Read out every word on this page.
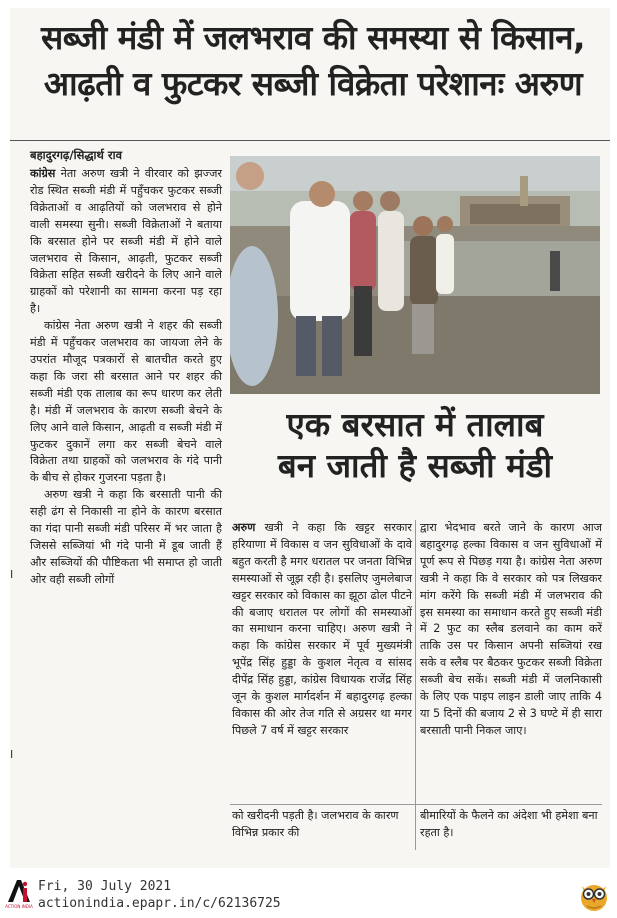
I
I
सब्जी मंडी में जलभराव की समस्या से किसान,
आढ़ती व फुटकर सब्जी विक्रेता परेशानः अरुण
बहादुरगढ़/सिद्धार्थ राव

कांग्रेस नेता अरुण खत्री ने वीरवार को झज्जर रोड स्थित सब्जी मंडी में पहुँचकर फुटकर सब्जी विक्रेताओं व आढ़तियों को जलभराव से होने वाली समस्या सुनी। सब्जी विक्रेताओं ने बताया कि बरसात होने पर सब्जी मंडी में होने वाले जलभराव से किसान, आढ़ती, फुटकर सब्जी विक्रेता सहित सब्जी खरीदने के लिए आने वाले ग्राहकों को परेशानी का सामना करना पड़ रहा है।

कांग्रेस नेता अरुण खत्री ने शहर की सब्जी मंडी में पहुँचकर जलभराव का जायजा लेने के उपरांत मौजूद पत्रकारों से बातचीत करते हुए कहा कि जरा सी बरसात आने पर शहर की सब्जी मंडी एक तालाब का रूप धारण कर लेती है। मंडी में जलभराव के कारण सब्जी बेचने के लिए आने वाले किसान, आढ़ती व सब्जी मंडी में फुटकर दुकानें लगा कर सब्जी बेचने वाले विक्रेता तथा ग्राहकों को जलभराव के गंदे पानी के बीच से होकर गुजरना पड़ता है।

अरुण खत्री ने कहा कि बरसाती पानी की सही ढंग से निकासी ना होने के कारण बरसात का गंदा पानी सब्जी मंडी परिसर में भर जाता है जिससे सब्जियां भी गंदे पानी में डूब जाती हैं और सब्जियों की पौष्टिकता भी समाप्त हो जाती ओर वही सब्जी लोगों

एक बरसात में तालाब
बन जाती है सब्जी मंडी
अरुण खत्री ने कहा कि खट्टर सरकार हरियाणा में विकास व जन सुविधाओं के दावे बहुत करती है मगर धरातल पर जनता विभिन्न समस्याओं से जूझ रही है। इसलिए जुमलेबाज खट्टर सरकार को विकास का झूठा ढोल पीटने की बजाए धरातल पर लोगों की समस्याओं का समाधान करना चाहिए। अरुण खत्री ने कहा कि कांग्रेस सरकार में पूर्व मुख्यमंत्री भूपेंद्र सिंह हुड्डा के कुशल नेतृत्व व सांसद दीपेंद्र सिंह हुड्डा, कांग्रेस विधायक राजेंद्र सिंह जून के कुशल मार्गदर्शन में बहादुरगढ़ हल्का विकास की ओर तेज गति से अग्रसर था मगर पिछले 7 वर्ष में खट्टर सरकार
द्वारा भेदभाव बरते जाने के कारण आज बहादुरगढ़ हल्का विकास व जन सुविधाओं में पूर्ण रूप से पिछड़ गया है। कांग्रेस नेता अरुण खत्री ने कहा कि वे सरकार को पत्र लिखकर मांग करेंगे कि सब्जी मंडी में जलभराव की इस समस्या का समाधान करते हुए सब्जी मंडी में 2 फुट का स्लैब डलवाने का काम करें ताकि उस पर किसान अपनी सब्जियां रख सके व स्लैब पर बैठकर फुटकर सब्जी विक्रेता सब्जी बेच सकें। सब्जी मंडी में जलनिकासी के लिए एक पाइप लाइन डाली जाए ताकि 4 या 5 दिनों की बजाय 2 से 3 घण्टे में ही सारा बरसाती पानी निकल जाए।
को खरीदनी पड़ती है। जलभराव के कारण विभिन्न प्रकार की
बीमारियों के फैलने का अंदेशा भी हमेशा बना रहता है।
ACTION INDIA
Fri, 30 July 2021
actionindia.epapr.in/c/62136725
